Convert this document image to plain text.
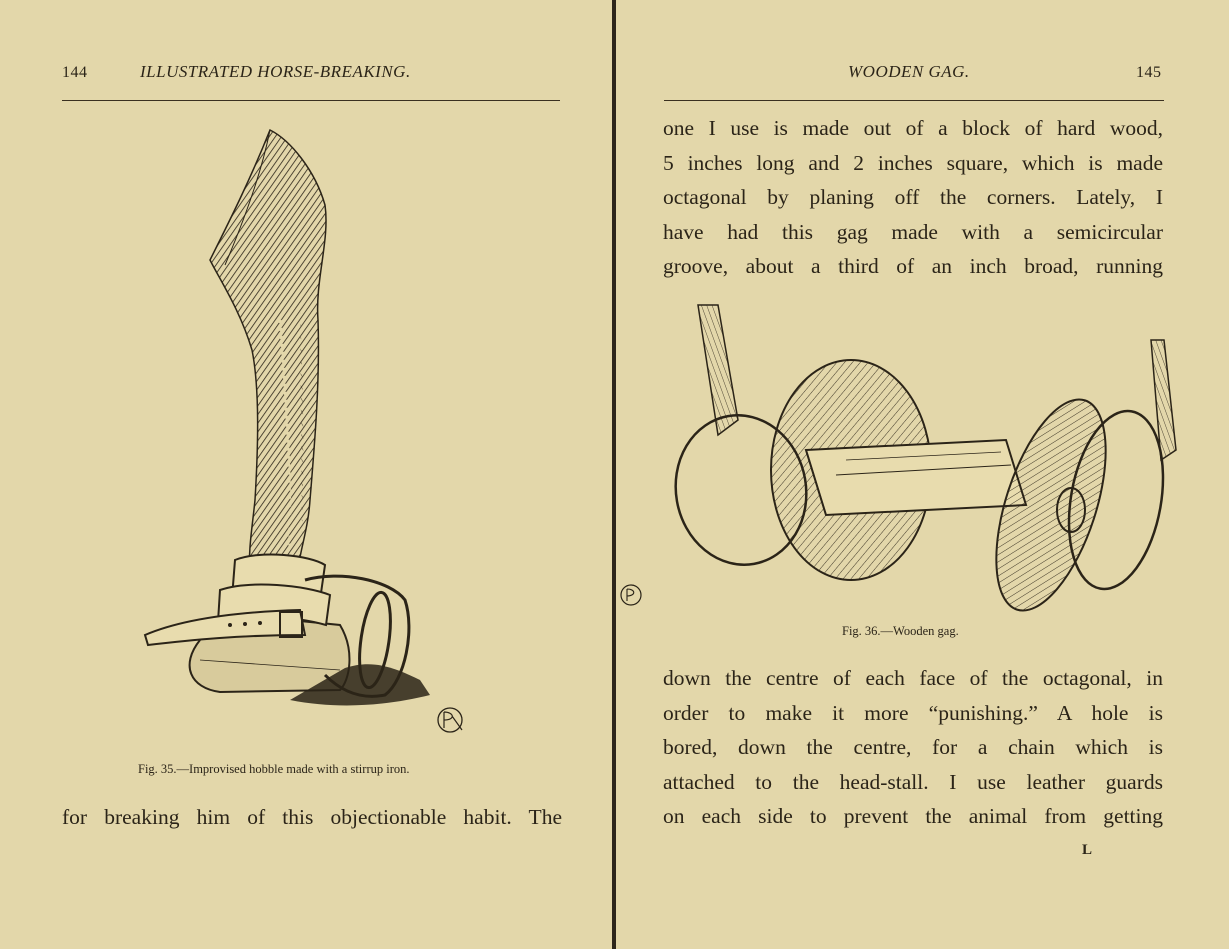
144	ILLUSTRATED HORSE-BREAKING.
Fig. 35.—Improvised hobble made with a stirrup iron.
for breaking him of this objectionable habit. The
WOODEN GAG.	145
one I use is made out of a block of hard wood,
5 inches long and 2 inches square, which is made
octagonal by planing off the corners. Lately, I
have had this gag made with a semicircular
groove, about a third of an inch broad, running
Fig. 36.—Wooden gag.
down the centre of each face of the octagonal, in
order to make it more “punishing.” A hole is
bored, down the centre, for a chain which is
attached to the head-stall. I use leather guards
on each side to prevent the animal from getting
L
